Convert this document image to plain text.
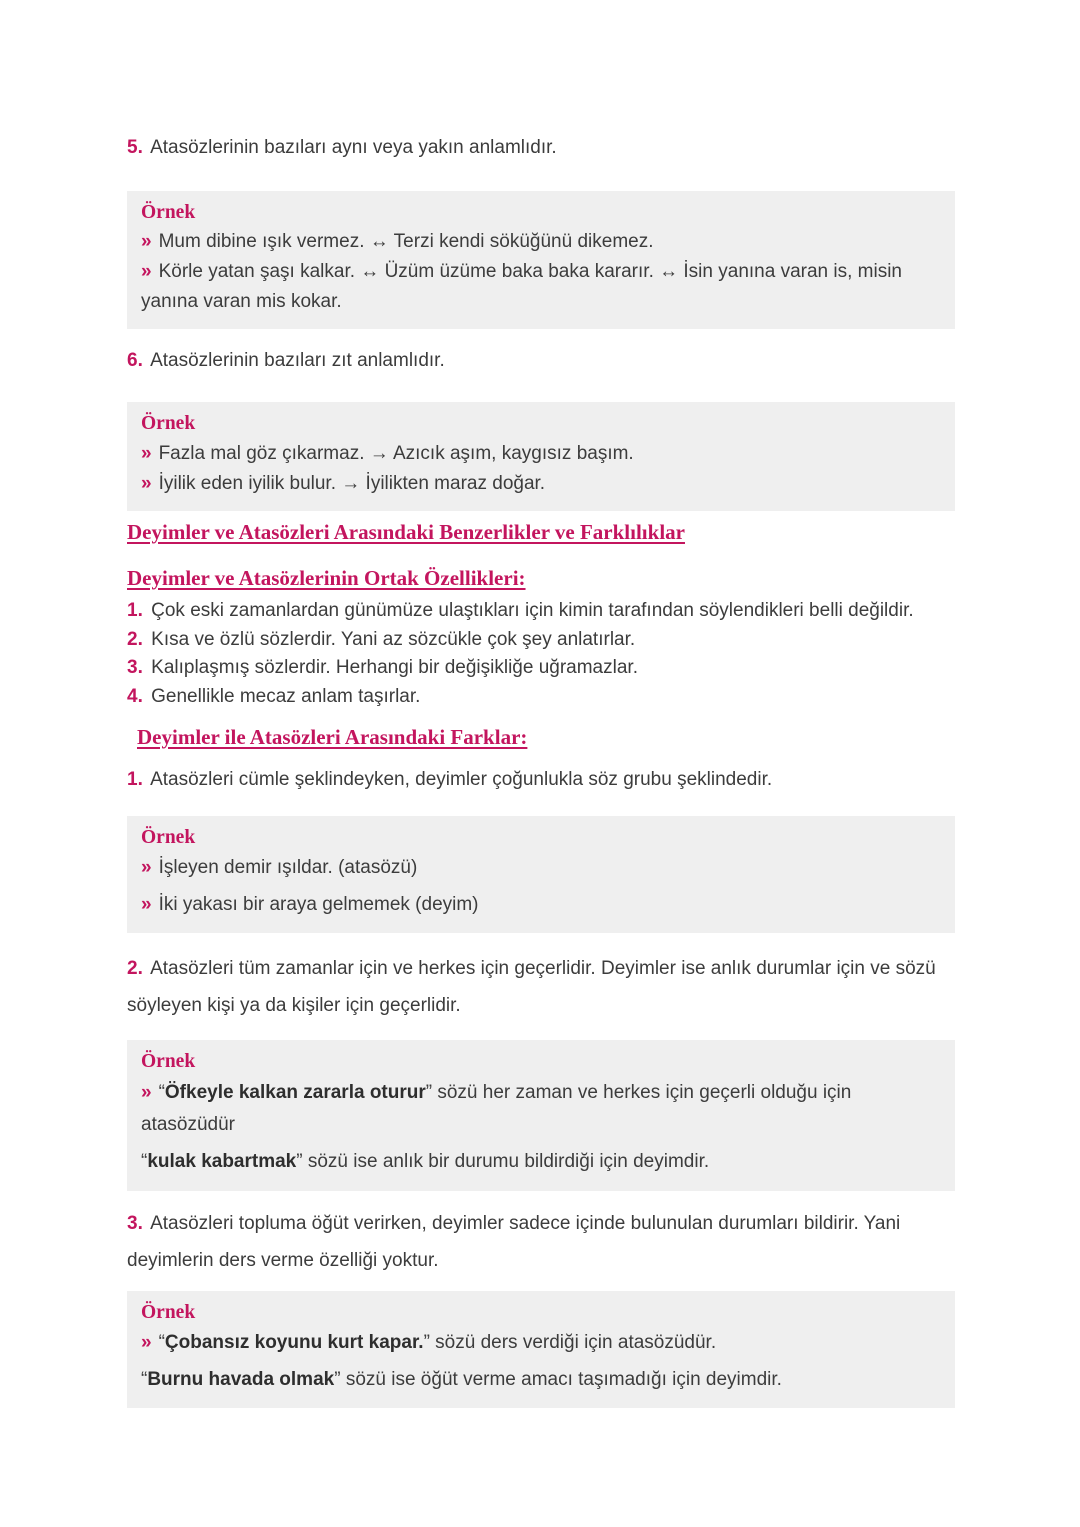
5. Atasözlerinin bazıları aynı veya yakın anlamlıdır.

Örnek

» Mum dibine ışık vermez. ↔ Terzi kendi söküğünü dikemez.

» Körle yatan şaşı kalkar. ↔ Üzüm üzüme baka baka kararır. ↔ İsin yanına varan is, misin yanına varan mis kokar.

6. Atasözlerinin bazıları zıt anlamlıdır.

Örnek

» Fazla mal göz çıkarmaz. → Azıcık aşım, kaygısız başım.

» İyilik eden iyilik bulur. → İyilikten maraz doğar.

Deyimler ve Atasözleri Arasındaki Benzerlikler ve Farklılıklar
Deyimler ve Atasözlerinin Ortak Özellikleri:

1. Çok eski zamanlardan günümüze ulaştıkları için kimin tarafından söylendikleri belli değildir.

2. Kısa ve özlü sözlerdir. Yani az sözcükle çok şey anlatırlar.

3. Kalıplaşmış sözlerdir. Herhangi bir değişikliğe uğramazlar.

4. Genellikle mecaz anlam taşırlar.

Deyimler ile Atasözleri Arasındaki Farklar:

1. Atasözleri cümle şeklindeyken, deyimler çoğunlukla söz grubu şeklindedir.

Örnek

» İşleyen demir ışıldar. (atasözü)

» İki yakası bir araya gelmemek (deyim)

2. Atasözleri tüm zamanlar için ve herkes için geçerlidir. Deyimler ise anlık durumlar için ve sözü söyleyen kişi ya da kişiler için geçerlidir.

Örnek

» “Öfkeyle kalkan zararla oturur” sözü her zaman ve herkes için geçerli olduğu için atasözüdür

“kulak kabartmak” sözü ise anlık bir durumu bildirdiği için deyimdir.

3. Atasözleri topluma öğüt verirken, deyimler sadece içinde bulunulan durumları bildirir. Yani deyimlerin ders verme özelliği yoktur.

Örnek

» “Çobansız koyunu kurt kapar.” sözü ders verdiği için atasözüdür.

“Burnu havada olmak” sözü ise öğüt verme amacı taşımadığı için deyimdir.
